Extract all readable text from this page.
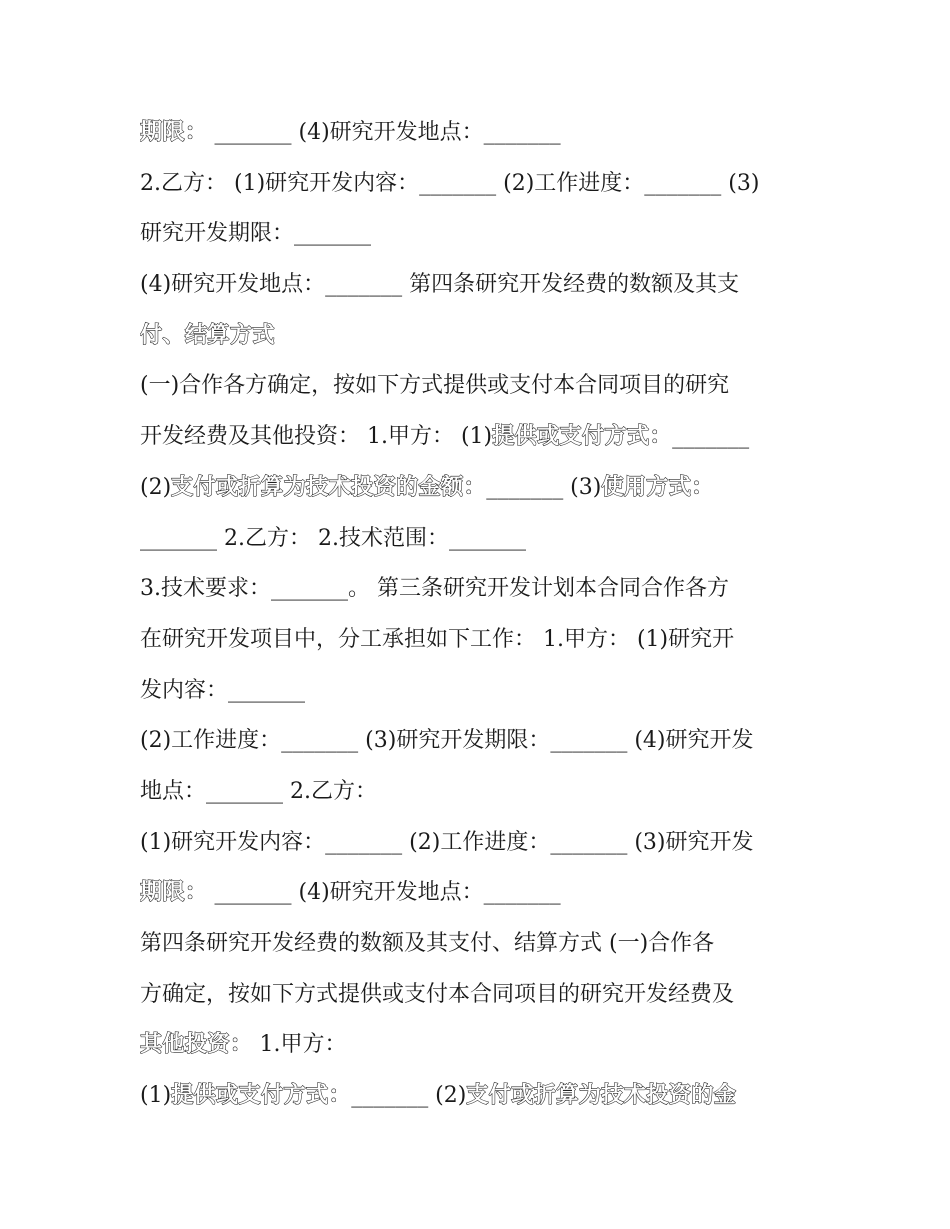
期限： _______ (4)研究开发地点：_______
2.乙方： (1)研究开发内容：_______ (2)工作进度：_______ (3)
研究开发期限：_______
(4)研究开发地点：_______ 第四条研究开发经费的数额及其支
付、结算方式
(一)合作各方确定，按如下方式提供或支付本合同项目的研究
开发经费及其他投资： 1.甲方： (1)提供或支付方式：_______
(2)支付或折算为技术投资的金额：_______ (3)使用方式：
_______ 2.乙方： 2.技术范围：_______
3.技术要求：_______。 第三条研究开发计划本合同合作各方
在研究开发项目中，分工承担如下工作： 1.甲方： (1)研究开
发内容：_______
(2)工作进度：_______ (3)研究开发期限：_______ (4)研究开发
地点：_______ 2.乙方：
(1)研究开发内容：_______ (2)工作进度：_______ (3)研究开发
期限： _______ (4)研究开发地点：_______
第四条研究开发经费的数额及其支付、结算方式 (一)合作各
方确定，按如下方式提供或支付本合同项目的研究开发经费及
其他投资： 1.甲方：
(1)提供或支付方式：_______ (2)支付或折算为技术投资的金
